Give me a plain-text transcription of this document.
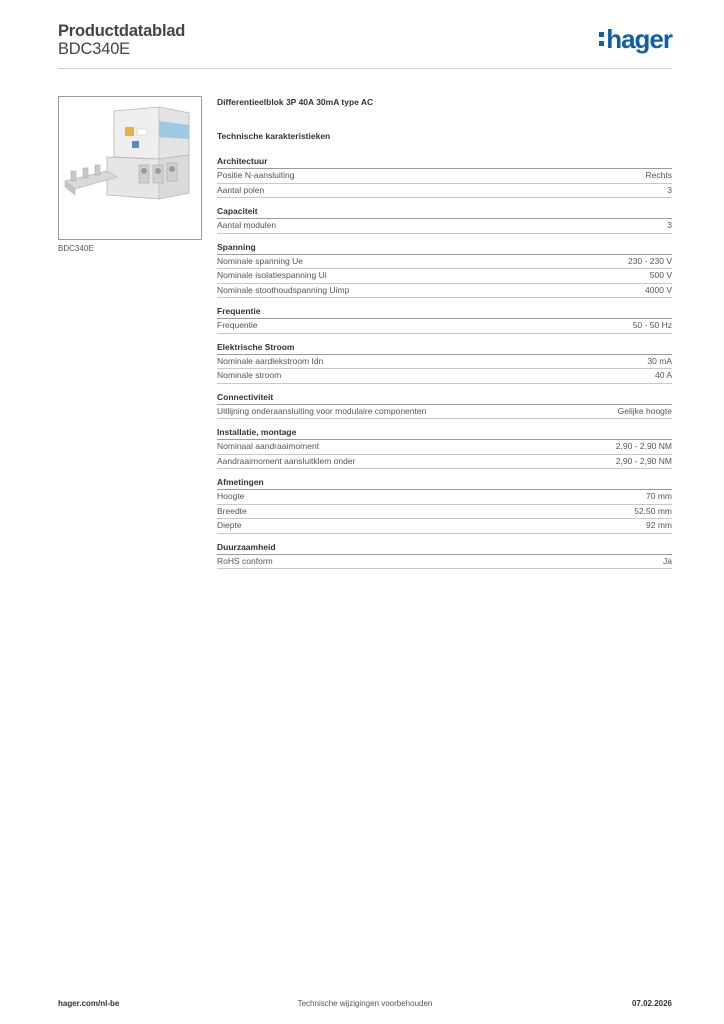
Productdatablad
BDC340E	hager
BDC340E
Differentieelblok 3P 40A 30mA type AC
Technische karakteristieken
Architectuur
Positie N-aansluiting	Rechts
Aantal polen	3
Capaciteit
Aantal modulen	3
Spanning
Nominale spanning Ue	230 - 230 V
Nominale isolatiespanning Ui	500 V
Nominale stoothoudspanning Uimp	4000 V
Frequentie
Frequentie	50 - 50 Hz
Elektrische Stroom
Nominale aardlekstroom Idn	30 mA
Nominale stroom	40 A
Connectiviteit
Uitlijning onderaansluiting voor modulaire componenten	Gelijke hoogte
Installatie, montage
Nominaal aandraaimoment	2,90 - 2,90 NM
Aandraaimoment aansluitklem onder	2,90 - 2,90 NM
Afmetingen
Hoogte	70 mm
Breedte	52,50 mm
Diepte	92 mm
Duurzaamheid
RoHS conform	Ja
hager.com/nl-be	Technische wijzigingen voorbehouden	07.02.2026
